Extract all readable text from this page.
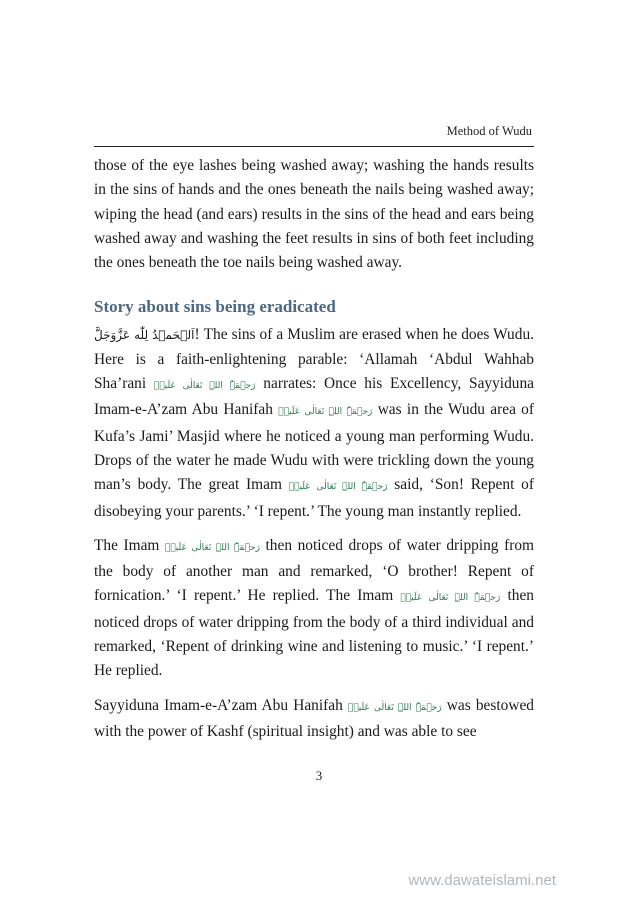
Method of Wudu

those of the eye lashes being washed away; washing the hands results in the sins of hands and the ones beneath the nails being washed away; wiping the head (and ears) results in the sins of the head and ears being washed away and washing the feet results in sins of both feet including the ones beneath the toe nails being washed away.

Story about sins being eradicated

اَلۡحَمۡدُ لِلّٰه عَزَّوَجَلَّ! The sins of a Muslim are erased when he does Wudu. Here is a faith-enlightening parable: ‘Allamah ‘Abdul Wahhab Sha’rani رَحۡمَۃُ اللہِ تَعَالٰی عَلَیۡہ narrates: Once his Excellency, Sayyiduna Imam-e-A’zam Abu Hanifah رَحۡمَۃُ اللہِ تَعَالٰی عَلَیۡہ was in the Wudu area of Kufa’s Jami’ Masjid where he noticed a young man performing Wudu. Drops of the water he made Wudu with were trickling down the young man’s body. The great Imam رَحۡمَۃُ اللہِ تَعَالٰی عَلَیۡہ said, ‘Son! Repent of disobeying your parents.’ ‘I repent.’ The young man instantly replied.

The Imam رَحۡمَۃُ اللہِ تَعَالٰی عَلَیۡہ then noticed drops of water dripping from the body of another man and remarked, ‘O brother! Repent of fornication.’ ‘I repent.’ He replied. The Imam رَحۡمَۃُ اللہِ تَعَالٰی عَلَیۡہ then noticed drops of water dripping from the body of a third individual and remarked, ‘Repent of drinking wine and listening to music.’ ‘I repent.’ He replied.

Sayyiduna Imam-e-A’zam Abu Hanifah رَحۡمَۃُ اللہِ تَعَالٰی عَلَیۡہ was bestowed with the power of Kashf (spiritual insight) and was able to see

3
www.dawateislami.net
